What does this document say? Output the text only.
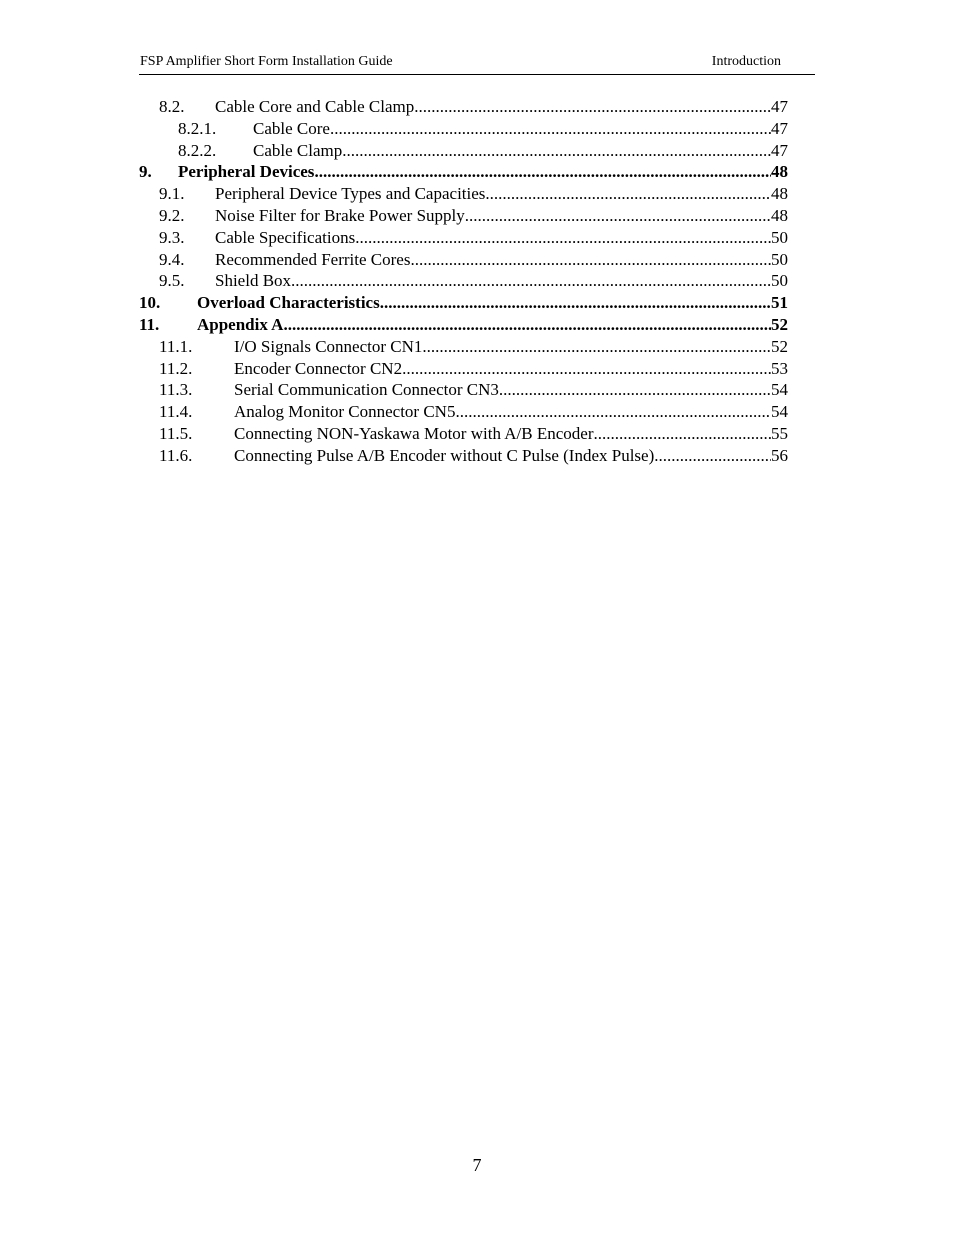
FSP Amplifier Short Form Installation Guide	Introduction
8.2.	Cable Core and Cable Clamp .....	47
8.2.1.	Cable Core .....	47
8.2.2.	Cable Clamp .....	47
9.	Peripheral Devices .....	48
9.1.	Peripheral Device Types and Capacities .....	48
9.2.	Noise Filter for Brake Power Supply .....	48
9.3.	Cable Specifications .....	50
9.4.	Recommended Ferrite Cores .....	50
9.5.	Shield Box .....	50
10.	Overload Characteristics .....	51
11.	Appendix A .....	52
11.1.	I/O Signals Connector CN1 .....	52
11.2.	Encoder Connector CN2 .....	53
11.3.	Serial Communication Connector CN3 .....	54
11.4.	Analog Monitor Connector CN5 .....	54
11.5.	Connecting NON-Yaskawa Motor with A/B Encoder .....	55
11.6.	Connecting Pulse A/B Encoder without C Pulse (Index Pulse) .....	56
7
